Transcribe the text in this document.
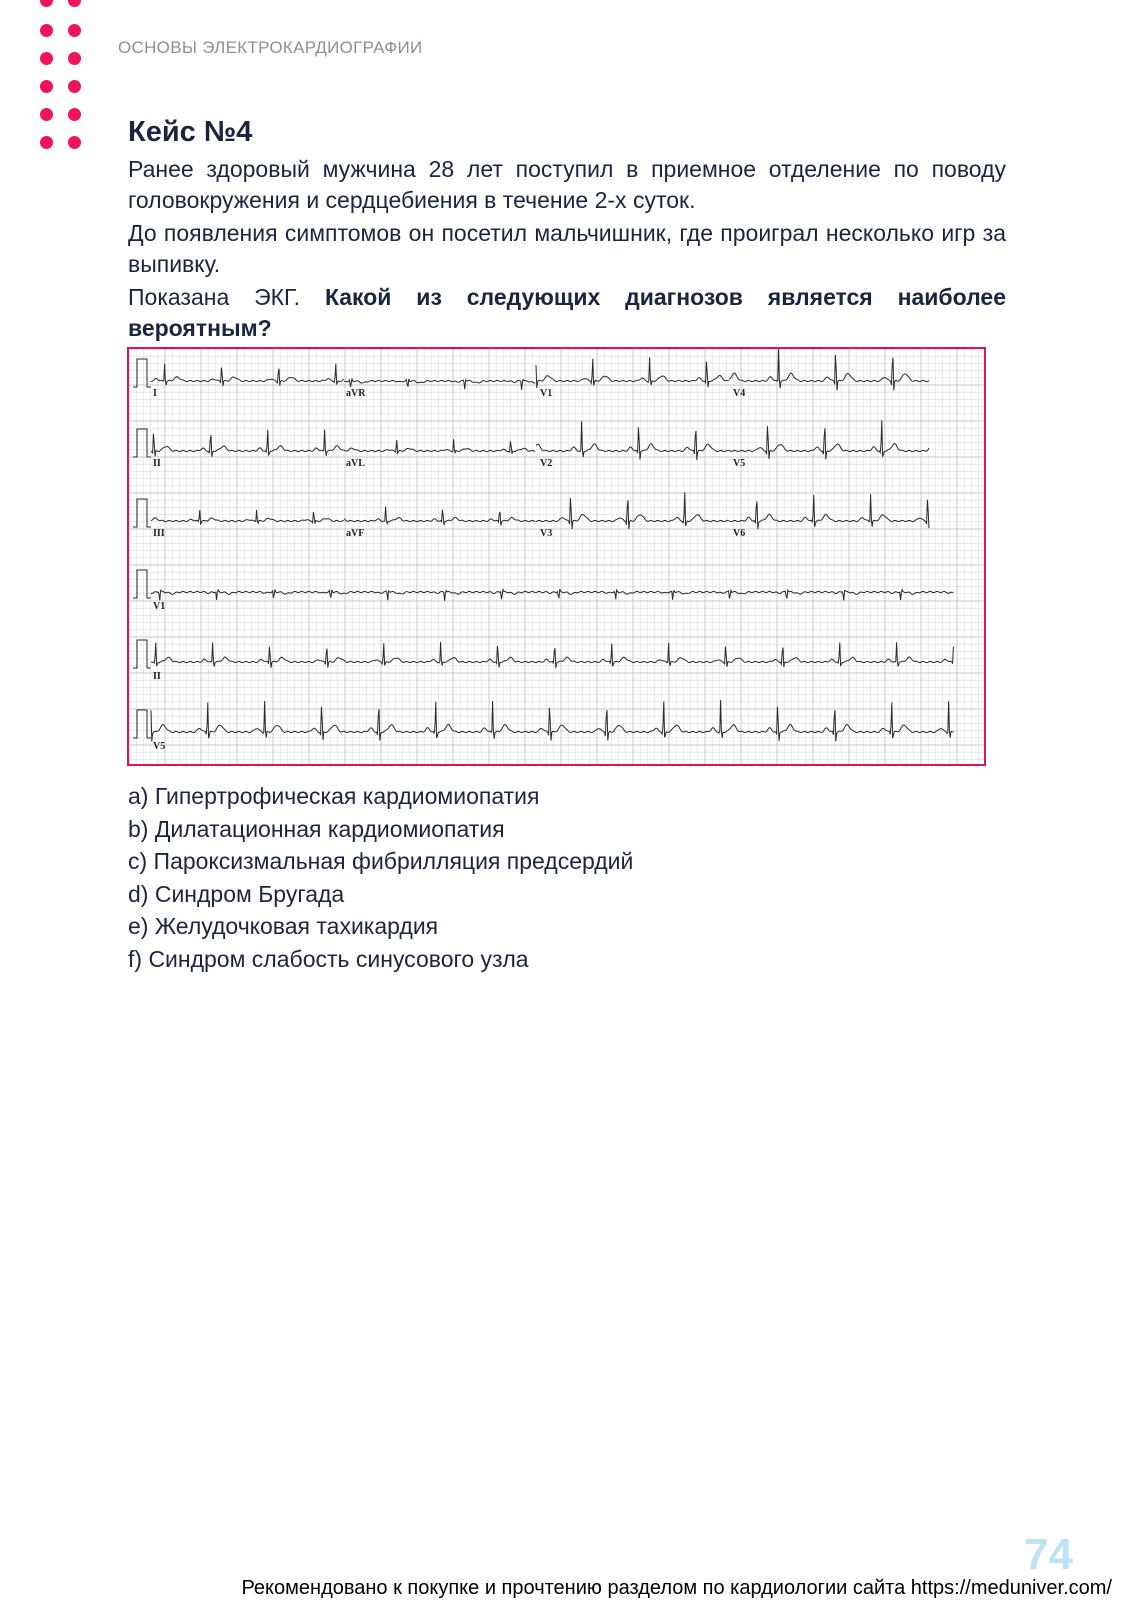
ОСНОВЫ ЭЛЕКТРОКАРДИОГРАФИИ
Кейс №4

Ранее здоровый мужчина 28 лет поступил в приемное отделение по поводу головокружения и сердцебиения в течение 2-х суток.

До появления симптомов он посетил мальчишник, где проиграл несколько игр за выпивку.

Показана ЭКГ. Какой из следующих диагнозов является наиболее вероятным?

I	aVR	V1	V4
II	aVL	V2	V5
III	aVF	V3	V6
V1
II
V5
a) Гипертрофическая кардиомиопатия
b) Дилатационная кардиомиопатия
c) Пароксизмальная фибрилляция предсердий
d) Синдром Бругада
e) Желудочковая тахикардия
f) Синдром слабость синусового узла
74
Рекомендовано к покупке и прочтению разделом по кардиологии сайта https://meduniver.com/
